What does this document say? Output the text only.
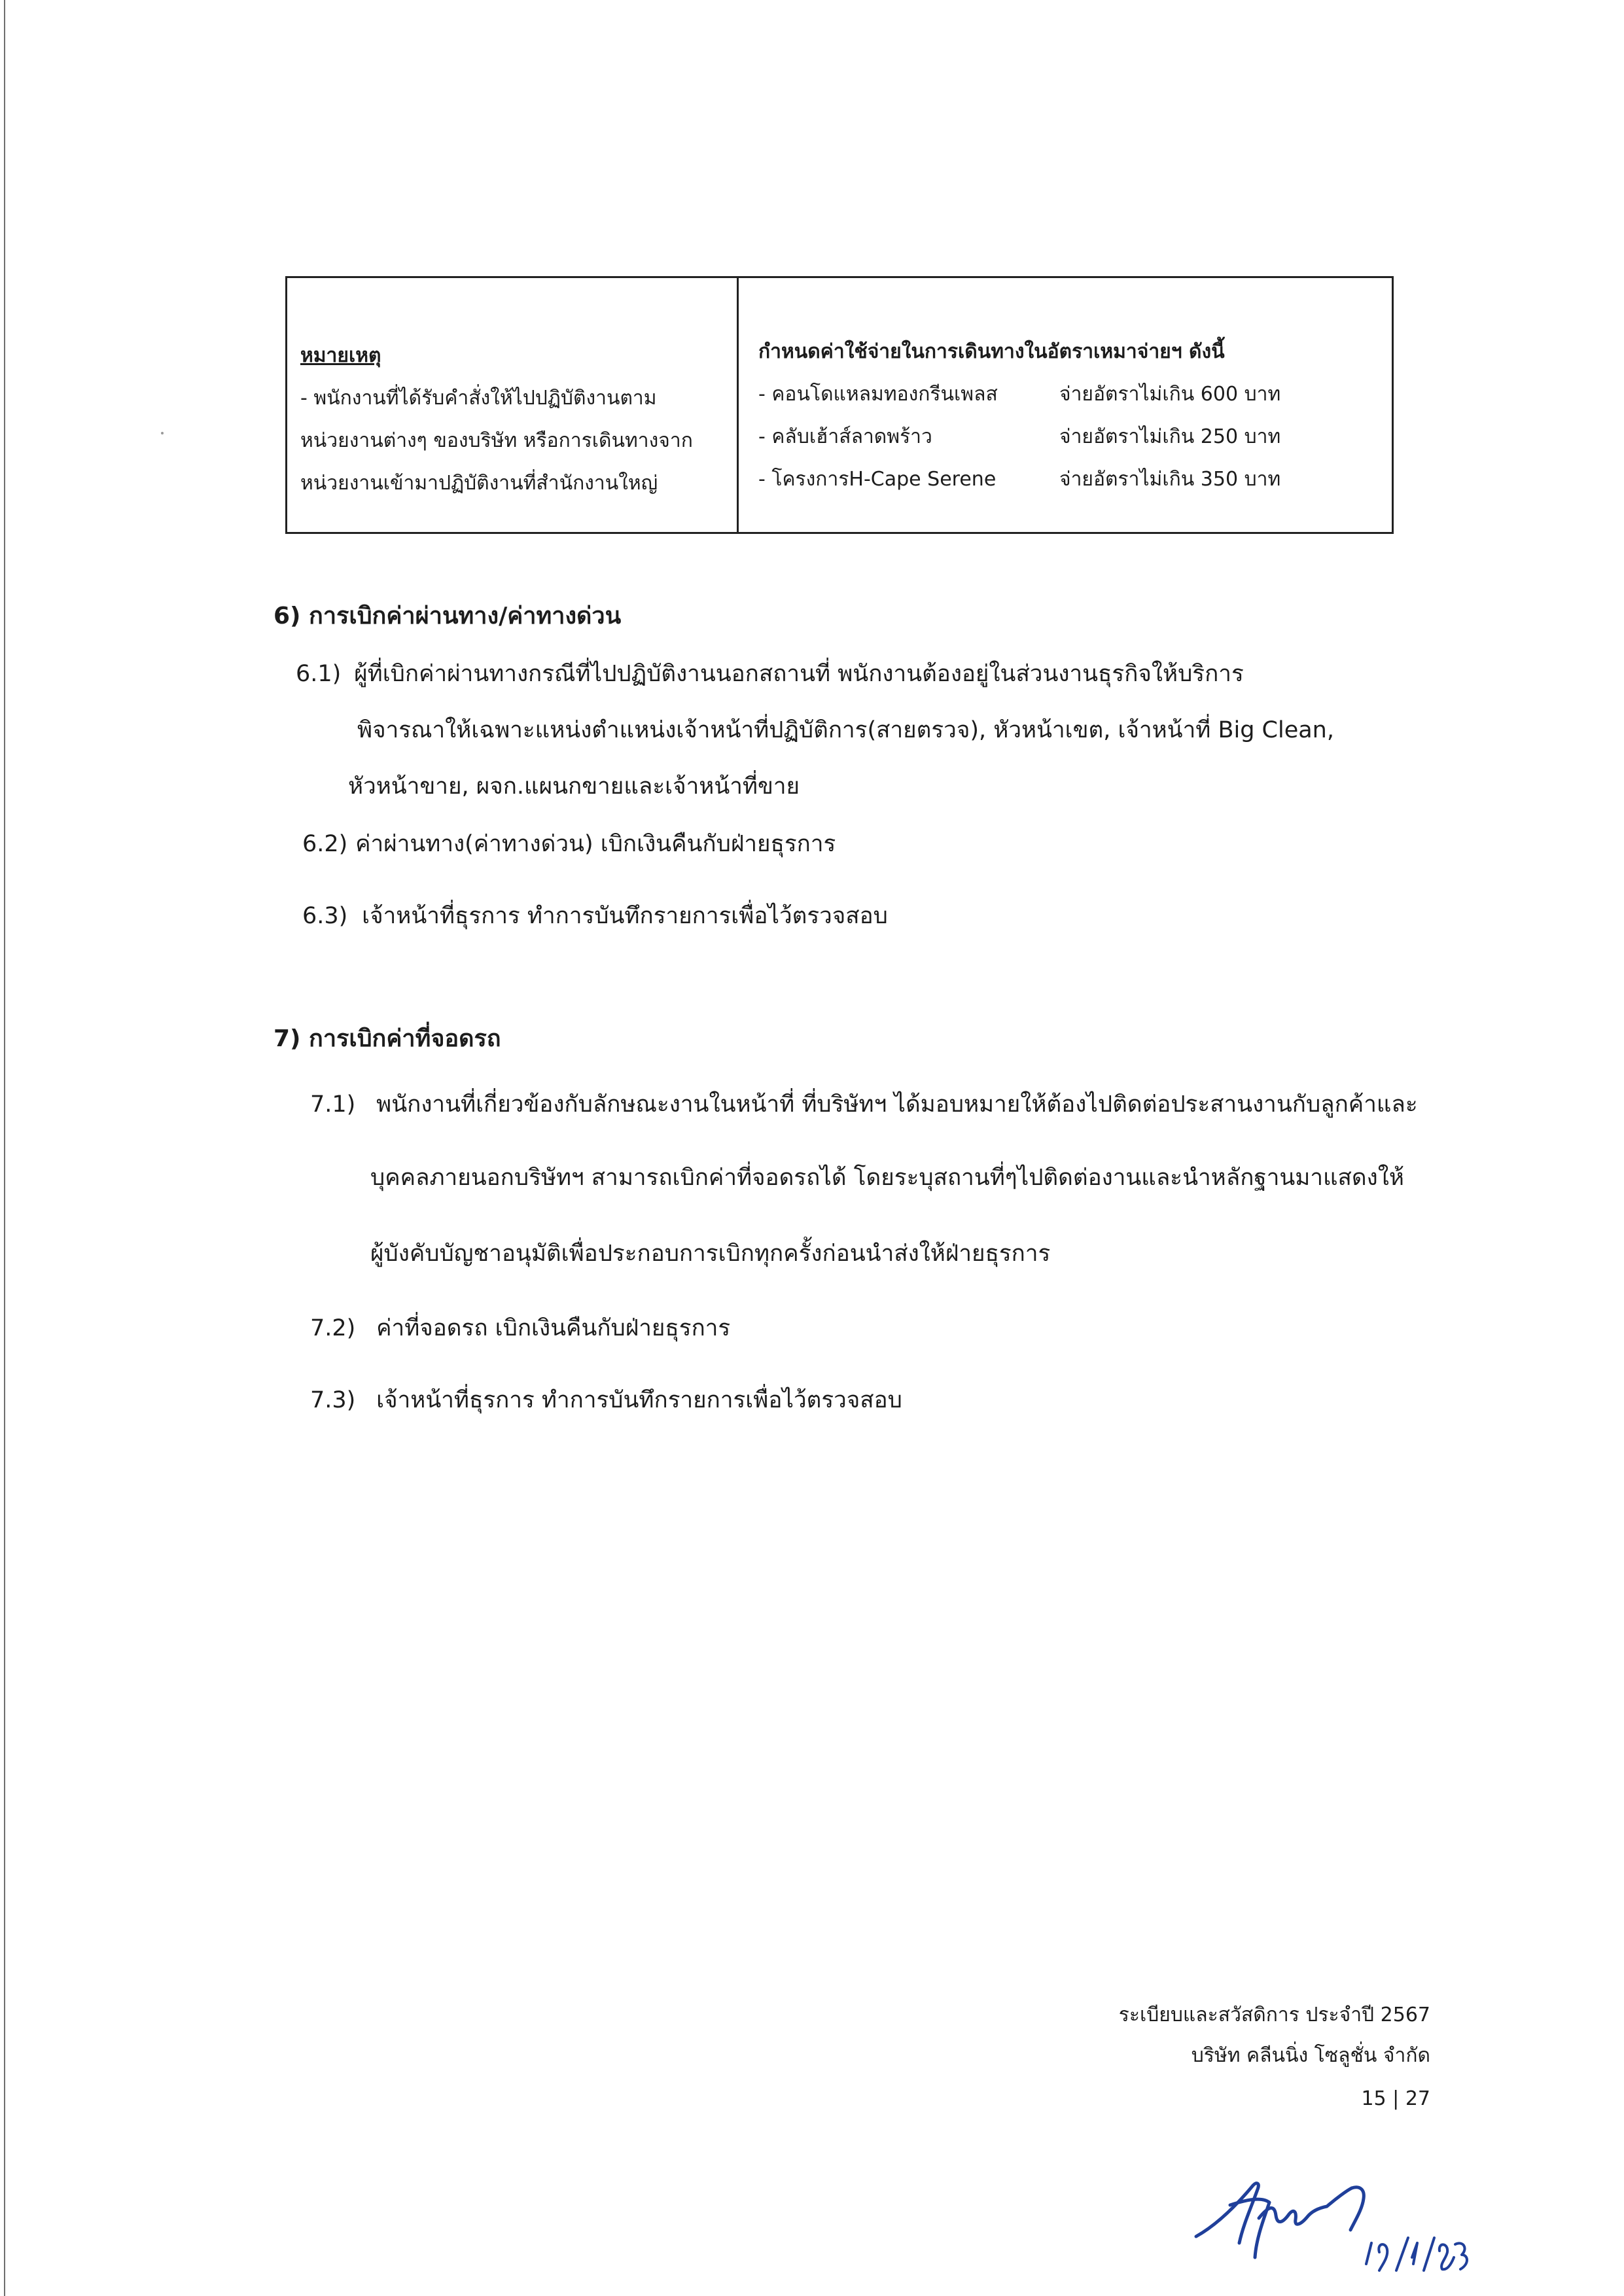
หมายเหตุ
- พนักงานที่ได้รับคำสั่งให้ไปปฏิบัติงานตาม
หน่วยงานต่างๆ ของบริษัท หรือการเดินทางจาก
หน่วยงานเข้ามาปฏิบัติงานที่สำนักงานใหญ่
กำหนดค่าใช้จ่ายในการเดินทางในอัตราเหมาจ่ายฯ ดังนี้
- คอนโดแหลมทองกรีนเพลส	จ่ายอัตราไม่เกิน 600 บาท
- คลับเฮ้าส์ลาดพร้าว	จ่ายอัตราไม่เกิน 250 บาท
- โครงการH-Cape Serene	จ่ายอัตราไม่เกิน 350 บาท
6) การเบิกค่าผ่านทาง/ค่าทางด่วน
6.1) ผู้ที่เบิกค่าผ่านทางกรณีที่ไปปฏิบัติงานนอกสถานที่ พนักงานต้องอยู่ในส่วนงานธุรกิจให้บริการ
พิจารณาให้เฉพาะแหน่งตำแหน่งเจ้าหน้าที่ปฏิบัติการ(สายตรวจ), หัวหน้าเขต, เจ้าหน้าที่ Big Clean,
หัวหน้าขาย, ผจก.แผนกขายและเจ้าหน้าที่ขาย
6.2) ค่าผ่านทาง(ค่าทางด่วน) เบิกเงินคืนกับฝ่ายธุรการ
6.3) เจ้าหน้าที่ธุรการ ทำการบันทึกรายการเพื่อไว้ตรวจสอบ
7) การเบิกค่าที่จอดรถ
7.1) พนักงานที่เกี่ยวข้องกับลักษณะงานในหน้าที่ ที่บริษัทฯ ได้มอบหมายให้ต้องไปติดต่อประสานงานกับลูกค้าและ
บุคคลภายนอกบริษัทฯ สามารถเบิกค่าที่จอดรถได้ โดยระบุสถานที่ๆไปติดต่องานและนำหลักฐานมาแสดงให้
ผู้บังคับบัญชาอนุมัติเพื่อประกอบการเบิกทุกครั้งก่อนนำส่งให้ฝ่ายธุรการ
7.2) ค่าที่จอดรถ เบิกเงินคืนกับฝ่ายธุรการ
7.3) เจ้าหน้าที่ธุรการ ทำการบันทึกรายการเพื่อไว้ตรวจสอบ
ระเบียบและสวัสดิการ ประจำปี 2567
บริษัท คลีนนิ่ง โซลูชั่น จำกัด
15 | 27
